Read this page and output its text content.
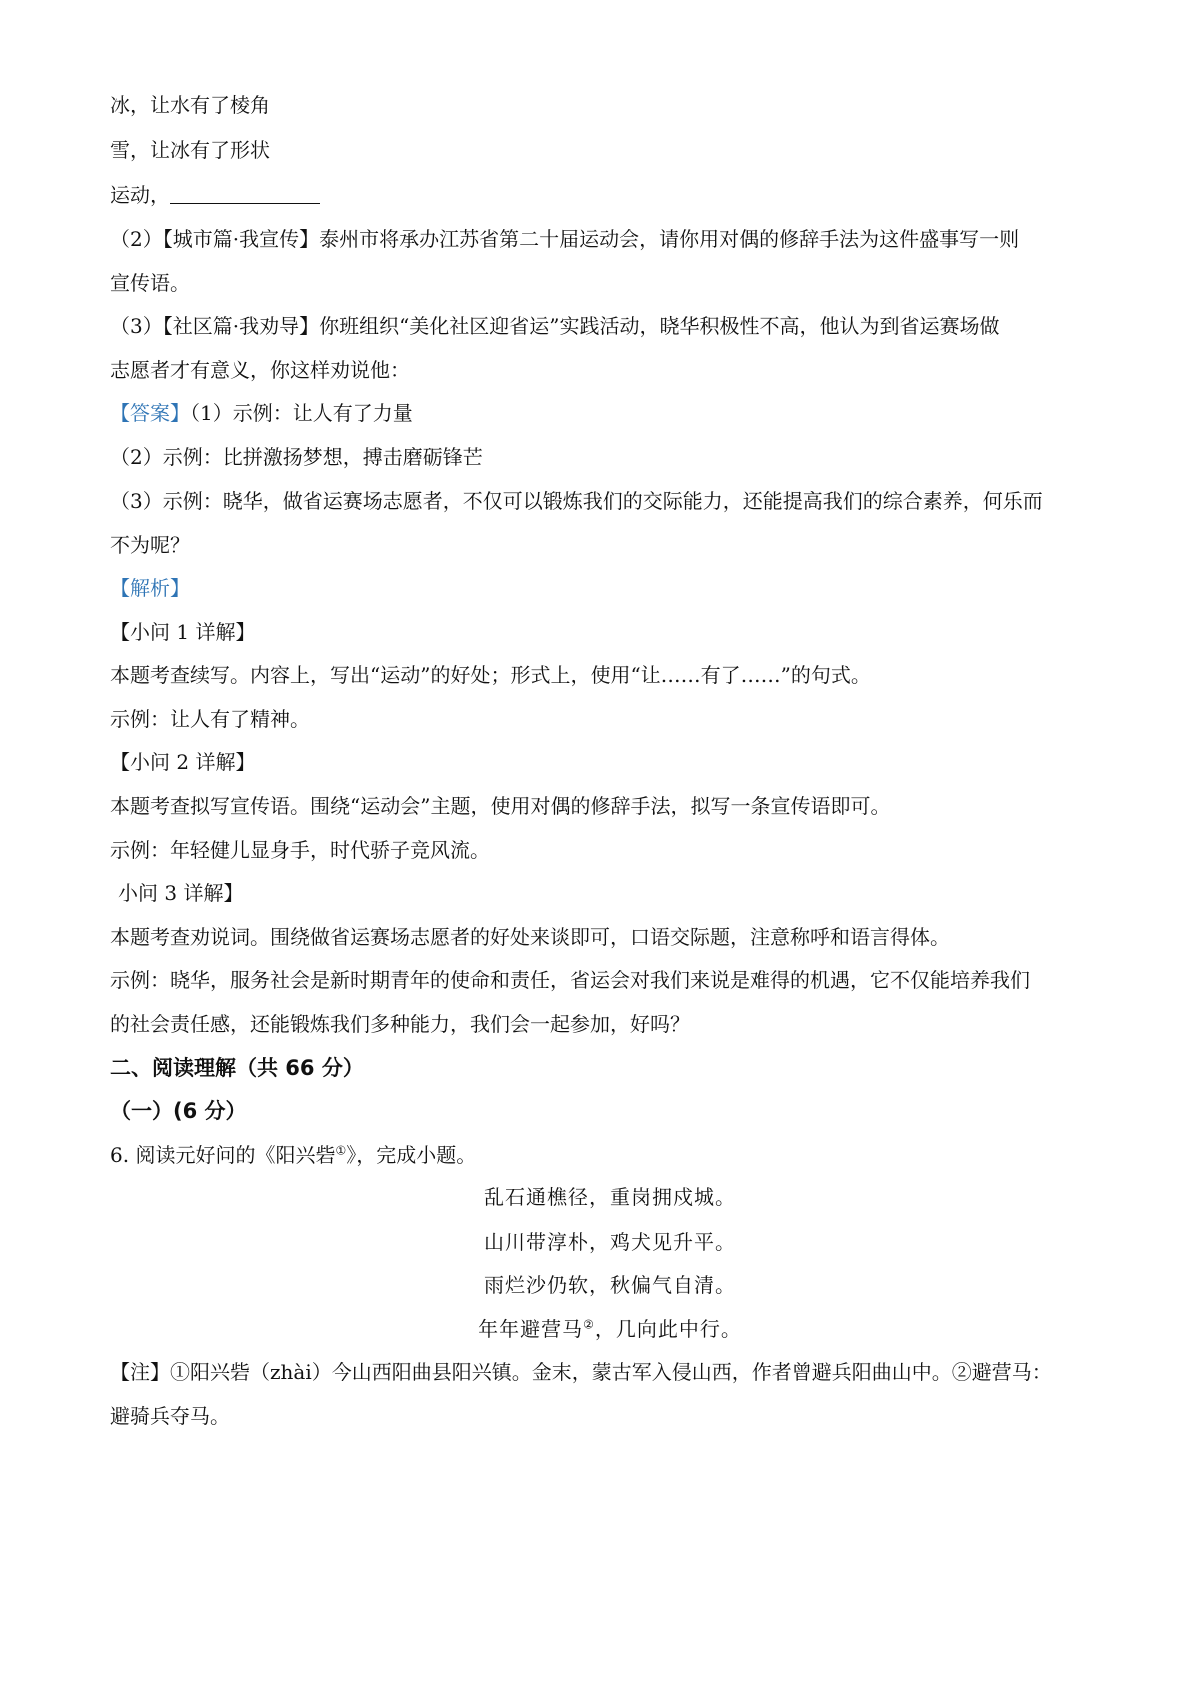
冰，让水有了棱角
雪，让冰有了形状
运动，
（2）【城市篇·我宣传】泰州市将承办江苏省第二十届运动会，请你用对偶的修辞手法为这件盛事写一则
宣传语。
（3）【社区篇·我劝导】你班组织“美化社区迎省运”实践活动，晓华积极性不高，他认为到省运赛场做
志愿者才有意义，你这样劝说他：
【答案】（1）示例：让人有了力量
（2）示例：比拼激扬梦想，搏击磨砺锋芒
（3）示例：晓华，做省运赛场志愿者，不仅可以锻炼我们的交际能力，还能提高我们的综合素养，何乐而
不为呢？
【解析】
【小问 1 详解】
本题考查续写。内容上，写出“运动”的好处；形式上，使用“让……有了……”的句式。
示例：让人有了精神。
【小问 2 详解】
本题考查拟写宣传语。围绕“运动会”主题，使用对偶的修辞手法，拟写一条宣传语即可。
示例：年轻健儿显身手，时代骄子竞风流。
小问 3 详解】
本题考查劝说词。围绕做省运赛场志愿者的好处来谈即可，口语交际题，注意称呼和语言得体。
示例：晓华，服务社会是新时期青年的使命和责任，省运会对我们来说是难得的机遇，它不仅能培养我们
的社会责任感，还能锻炼我们多种能力，我们会一起参加，好吗？
二、阅读理解（共 66 分）
（一）(6 分）
6. 阅读元好问的《阳兴砦①》，完成小题。
乱石通樵径，重岗拥戍城。
山川带淳朴，鸡犬见升平。
雨烂沙仍软，秋偏气自清。
年年避营马②，几向此中行。
【注】①阳兴砦（zhài）今山西阳曲县阳兴镇。金末，蒙古军入侵山西，作者曾避兵阳曲山中。②避营马：
避骑兵夺马。
